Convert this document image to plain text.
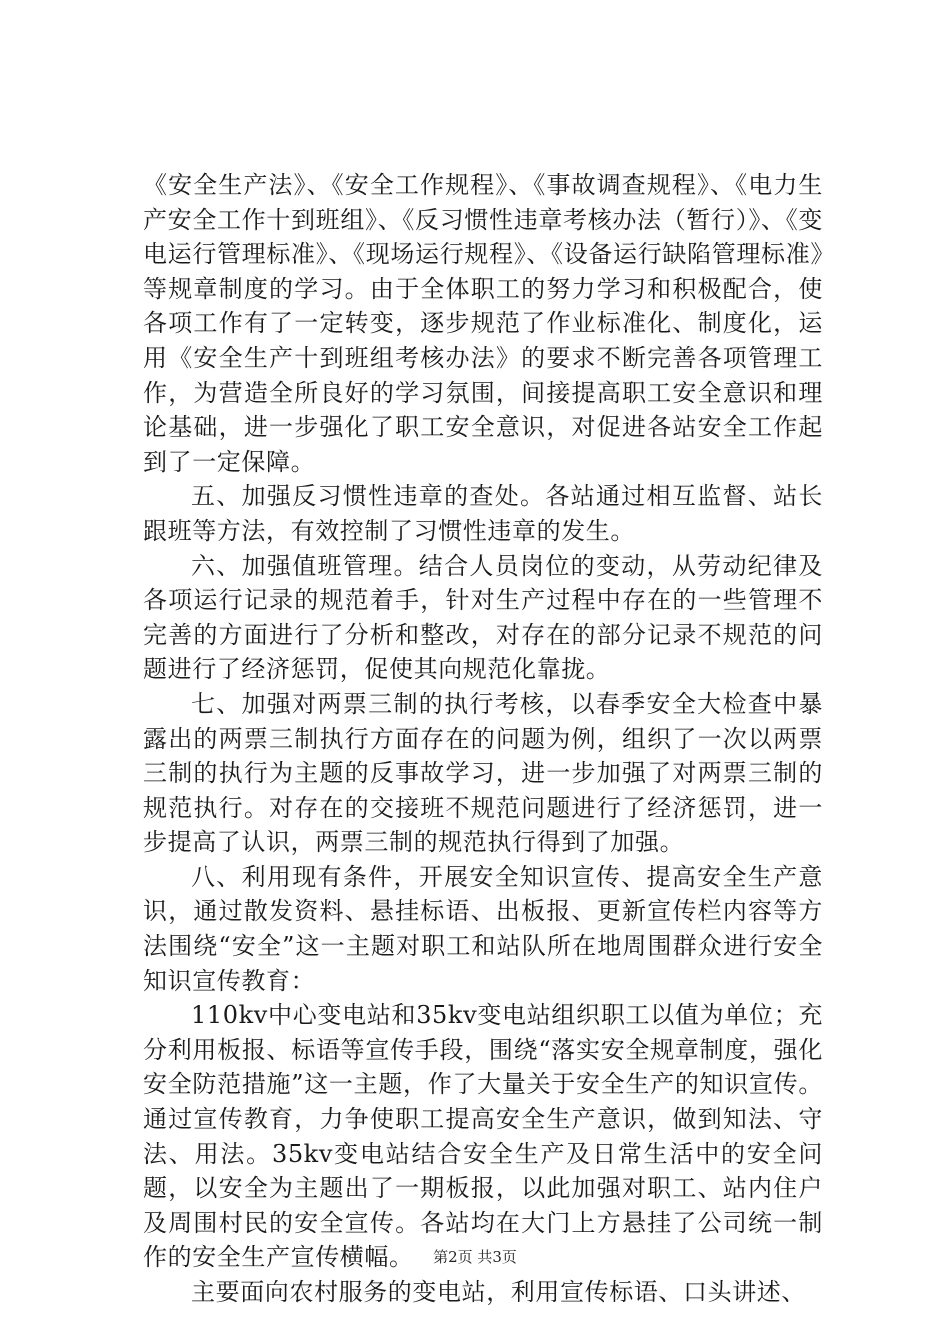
《安全生产法》、《安全工作规程》、《事故调查规程》、《电力生产安全工作十到班组》、《反习惯性违章考核办法（暂行）》、《变电运行管理标准》、《现场运行规程》、《设备运行缺陷管理标准》等规章制度的学习。由于全体职工的努力学习和积极配合，使各项工作有了一定转变，逐步规范了作业标准化、制度化，运用《安全生产十到班组考核办法》的要求不断完善各项管理工作，为营造全所良好的学习氛围，间接提高职工安全意识和理论基础，进一步强化了职工安全意识，对促进各站安全工作起到了一定保障。

五、加强反习惯性违章的查处。各站通过相互监督、站长跟班等方法，有效控制了习惯性违章的发生。

六、加强值班管理。结合人员岗位的变动，从劳动纪律及各项运行记录的规范着手，针对生产过程中存在的一些管理不完善的方面进行了分析和整改，对存在的部分记录不规范的问题进行了经济惩罚，促使其向规范化靠拢。

七、加强对两票三制的执行考核，以春季安全大检查中暴露出的两票三制执行方面存在的问题为例，组织了一次以两票三制的执行为主题的反事故学习，进一步加强了对两票三制的规范执行。对存在的交接班不规范问题进行了经济惩罚，进一步提高了认识，两票三制的规范执行得到了加强。

八、利用现有条件，开展安全知识宣传、提高安全生产意识，通过散发资料、悬挂标语、出板报、更新宣传栏内容等方法围绕“安全”这一主题对职工和站队所在地周围群众进行安全知识宣传教育：

110kv中心变电站和35kv变电站组织职工以值为单位；充分利用板报、标语等宣传手段，围绕“落实安全规章制度，强化安全防范措施”这一主题，作了大量关于安全生产的知识宣传。通过宣传教育，力争使职工提高安全生产意识，做到知法、守法、用法。35kv变电站结合安全生产及日常生活中的安全问题，以安全为主题出了一期板报，以此加强对职工、站内住户及周围村民的安全宣传。各站均在大门上方悬挂了公司统一制作的安全生产宣传横幅。

主要面向农村服务的变电站，利用宣传标语、口头讲述、

第2页 共3页
